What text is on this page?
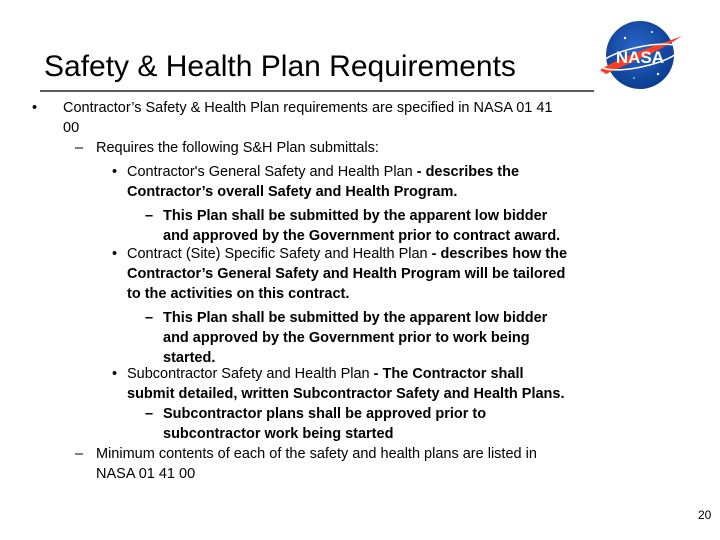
Safety & Health Plan Requirements	NASA
• Contractor’s Safety & Health Plan requirements are specified in NASA 01 41
00
– Requires the following S&H Plan submittals:
• Contractor's General Safety and Health Plan - describes the
Contractor’s overall Safety and Health Program.
– This Plan shall be submitted by the apparent low bidder
and approved by the Government prior to contract award.
• Contract (Site) Specific Safety and Health Plan - describes how the
Contractor’s General Safety and Health Program will be tailored
to the activities on this contract.
– This Plan shall be submitted by the apparent low bidder
and approved by the Government prior to work being
started.
• Subcontractor Safety and Health Plan - The Contractor shall
submit detailed, written Subcontractor Safety and Health Plans.
– Subcontractor plans shall be approved prior to
subcontractor work being started
– Minimum contents of each of the safety and health plans are listed in
NASA 01 41 00
20
